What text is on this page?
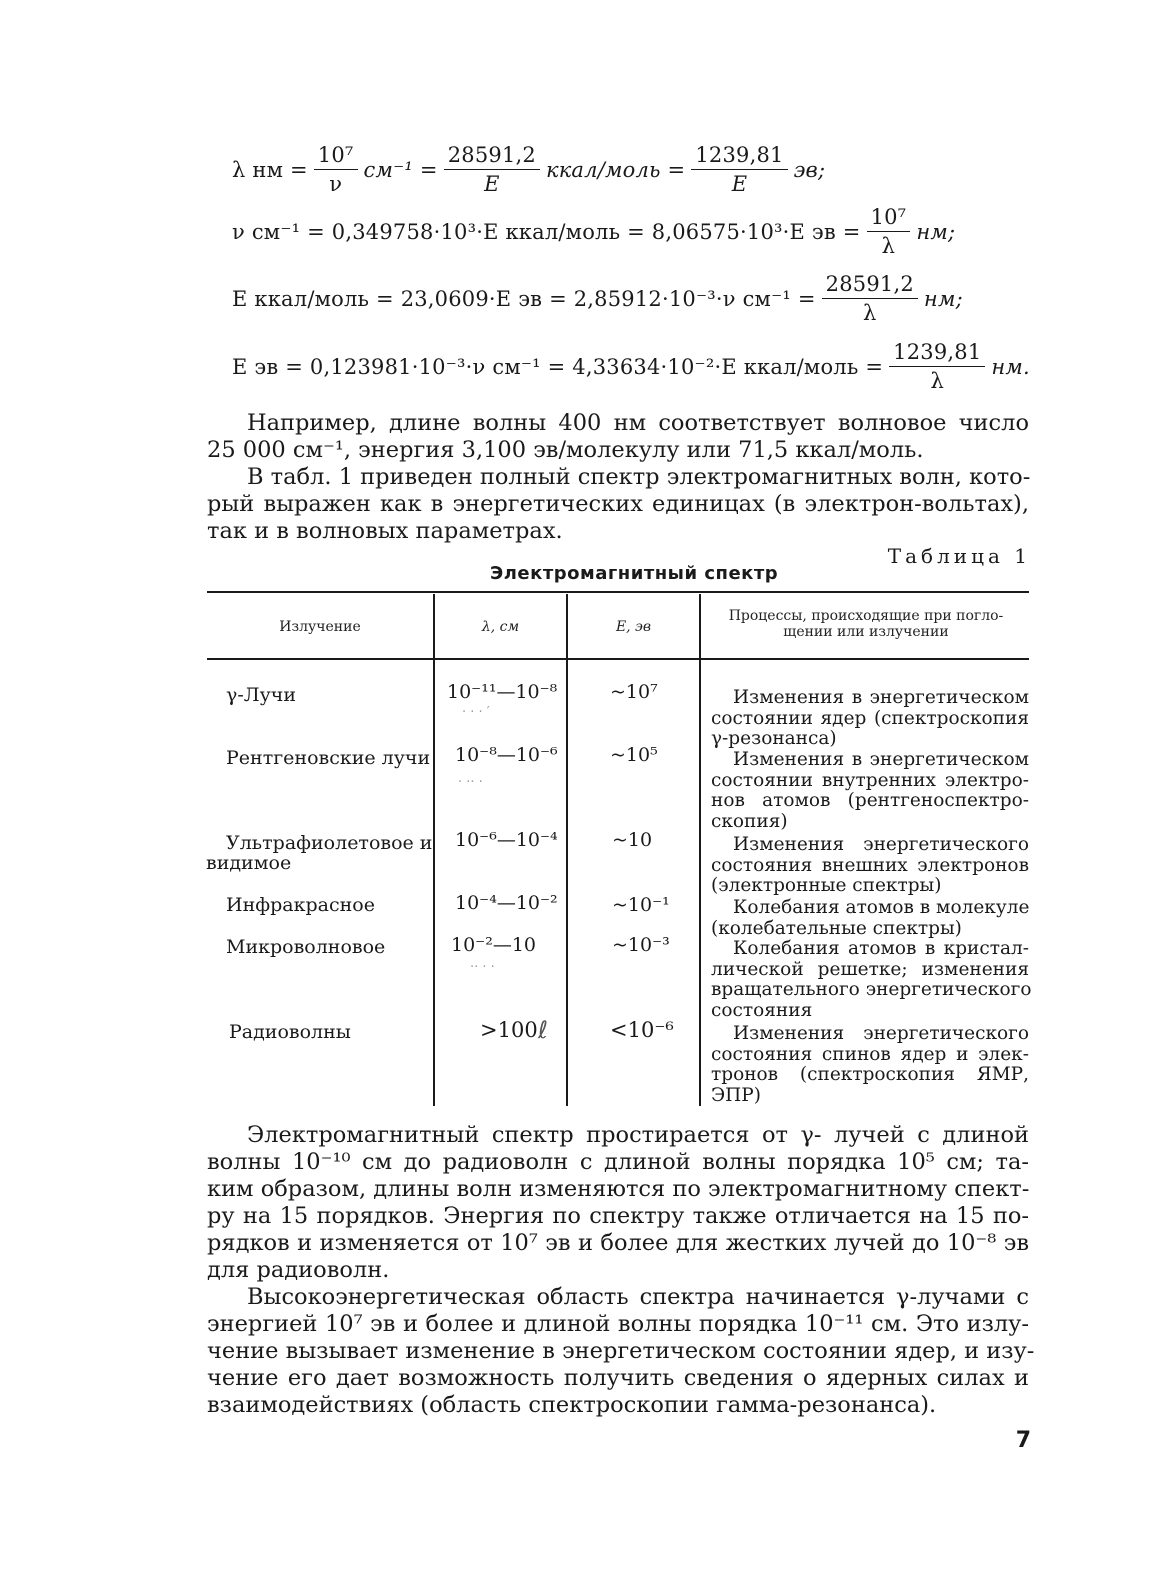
λ нм = $\frac{\text{10⁷}}{\nu} см^{-1} = \frac{28591,2}{E}$ ккал/моль = $\frac{1239,81}{E}$ эв;
ν см⁻¹ = 0,349758·10³·E ккал/моль = 8,06575·10³·E эв = $\frac{\text{10⁷}}{\lambda}$ нм;
E ккал/моль = 23,0609·E эв = 2,85912·10⁻³·ν $см^{-1} = \frac{28591,2}{\lambda}$ нм;
E эв = 0,123981·10⁻³·ν см⁻¹ = 4,33634·10⁻²·E ккал/моль = $\frac{1239,81}{\lambda}$ нм.
Например, длине волны 400 нм соответствует волновое число
25 000 см⁻¹, энергия 3,100 эв/молекулу или 71,5 ккал/моль.
В табл. 1 приведен полный спектр электромагнитных волн, кото-
рый выражен как в энергетических единицах (в электрон-вольтах),
так и в волновых параметрах.
Таблица 1
Электромагнитный спектр
Излучение	λ, см	E, эв
Процессы, происходящие при погло-
щении или излучении
γ-Лучи	10⁻¹¹—10⁻⁸	~10⁷	Изменения в энергетическом
состоянии ядер (спектроскопия
γ-резонанса)
Рентгеновские лучи 10⁻⁸—10⁻⁶	~10⁵	Изменения в энергетическом
состоянии внутренних электро-
нов атомов (рентгеноспектро-
скопия)
Ультрафиолетовое и
видимое
10⁻⁶—10⁻⁴	~10	Изменения энергетического
состояния внешних электронов
(электронные спектры)
Инфракрасное	10⁻⁴—10⁻²	~10⁻¹	Колебания атомов в молекуле
(колебательные спектры)
Микроволновое	10⁻²—10	~10⁻³	Колебания атомов в кристал-
лической решетке; изменения
вращательного энергетического
состояния
Радиоволны	>100	<10⁻⁶	Изменения энергетического
состояния спинов ядер и элек-
тронов (спектроскопия ЯМР,
ЭПР)
· · · ′
· ·· ·
·· · ·
ℓ
Электромагнитный спектр простирается от γ- лучей с длиной
волны 10⁻¹⁰ см до радиоволн с длиной волны порядка 10⁵ см; та-
ким образом, длины волн изменяются по электромагнитному спект-
ру на 15 порядков. Энергия по спектру также отличается на 15 по-
рядков и изменяется от 10⁷ эв и более для жестких лучей до 10⁻⁸ эв
для радиоволн.
Высокоэнергетическая область спектра начинается γ-лучами с
энергией 10⁷ эв и более и длиной волны порядка 10⁻¹¹ см. Это излу-
чение вызывает изменение в энергетическом состоянии ядер, и изу-
чение его дает возможность получить сведения о ядерных силах и
взаимодействиях (область спектроскопии гамма-резонанса).
7
